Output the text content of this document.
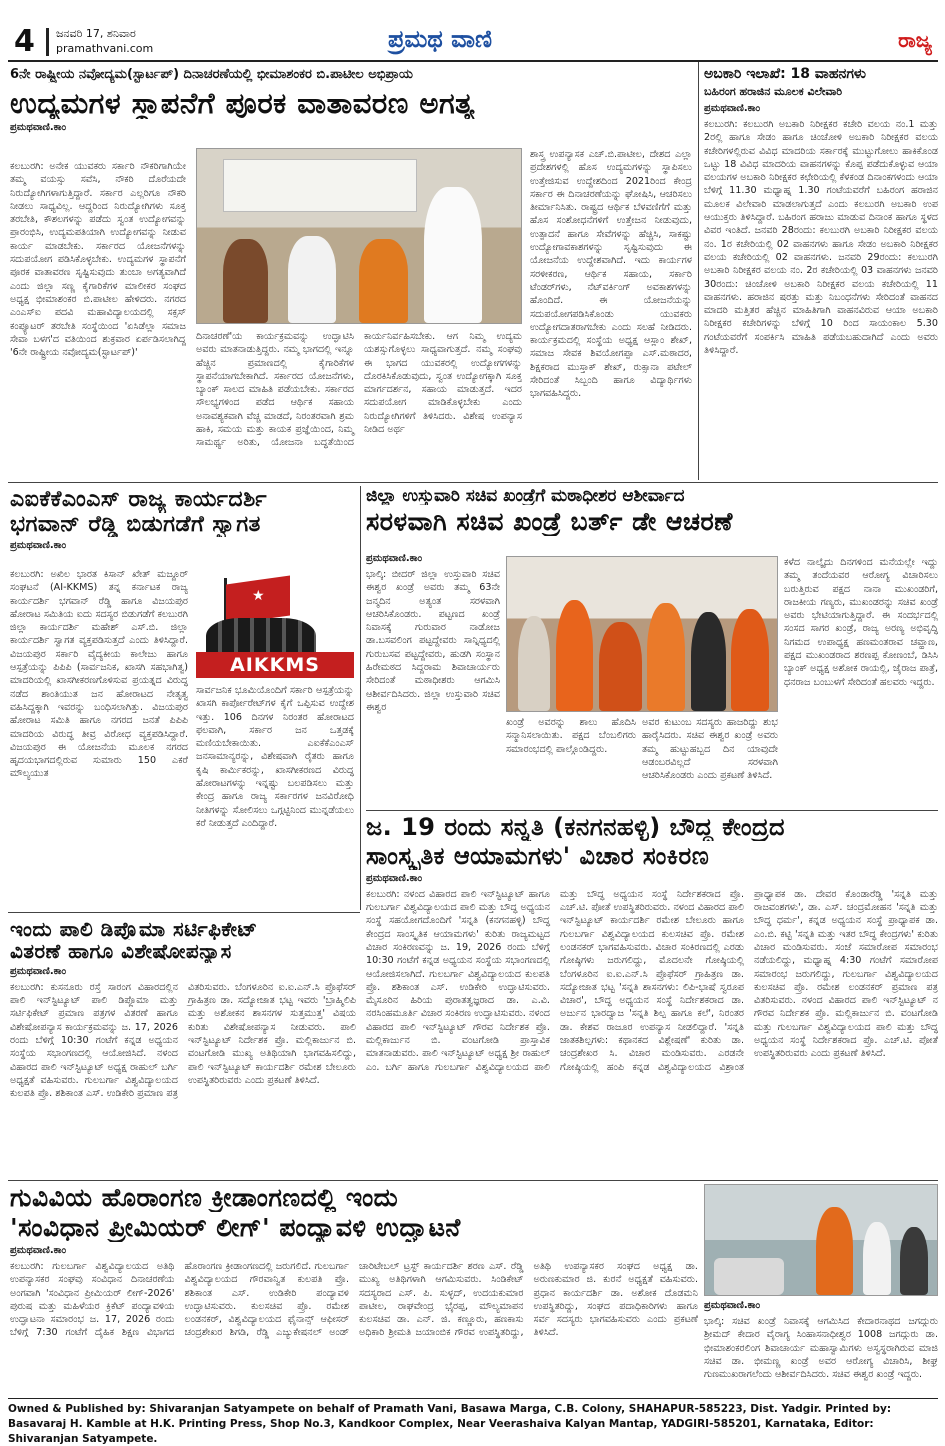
4 ಜನವರಿ 17, ಶನಿವಾರ
pramathvani.com	ಪ್ರಮಥ ವಾಣಿ	ರಾಜ್ಯ
6ನೇ ರಾಷ್ಟ್ರೀಯ ನವೋದ್ಯಮ(ಸ್ಟಾರ್ಟಪ್) ದಿನಾಚರಣೆಯಲ್ಲಿ ಭೀಮಾಶಂಕರ ಬಿ.ಪಾಟೀಲ ಅಭಿಪ್ರಾಯ
ಉದ್ಯಮಗಳ ಸ್ಥಾಪನೆಗೆ ಪೂರಕ ವಾತಾವರಣ ಅಗತ್ಯ
ಪ್ರಮಥವಾಣಿ.ಕಾಂ
ಕಲಬುರಗಿ: ಅನೇಕ ಯುವಕರು ಸರ್ಕಾರಿ ನೌಕರಿಗಾಗಿಯೇ ತಮ್ಮ ವಯಸ್ಸು ಸವೆಸಿ, ನೌಕರಿ ದೊರೆಯದೇ ನಿರುದ್ಯೋಗಿಗಳಾಗುತ್ತಿದ್ದಾರೆ. ಸರ್ಕಾರ ಎಲ್ಲರಿಗೂ ನೌಕರಿ ನೀಡಲು ಸಾಧ್ಯವಿಲ್ಲ. ಆದ್ದರಿಂದ ನಿರುದ್ಯೋಗಿಗಳು ಸೂಕ್ತ ತರಬೇತಿ, ಕೌಶಲಗಳನ್ನು ಪಡೆದು ಸ್ವಂತ ಉದ್ಯೋಗವನ್ನು ಪ್ರಾರಂಭಿಸಿ, ಉದ್ಯಮಪತಿಯಾಗಿ ಉದ್ಯೋಗವನ್ನು ನೀಡುವ ಕಾರ್ಯ ಮಾಡಬೇಕು. ಸರ್ಕಾರದ ಯೋಜನೆಗಳನ್ನು ಸದುಪಯೋಗ ಪಡಿಸಿಕೊಳ್ಳಬೇಕು. ಉದ್ಯಮಗಳ ಸ್ಥಾಪನೆಗೆ ಪೂರಕ ವಾತಾವರಣ ಸೃಷ್ಟಿಸುವುದು ತುಂಬಾ ಅಗತ್ಯವಾಗಿದೆ ಎಂದು ಜಿಲ್ಲಾ ಸಣ್ಣ ಕೈಗಾರಿಕೆಗಳ ಮಾಲೀಕರ ಸಂಘದ ಅಧ್ಯಕ್ಷ ಭೀಮಾಶಂಕರ ಬಿ.ಪಾಟೀಲ ಹೇಳಿದರು. ನಗರದ ಎಂಎಸ್ಐ ಪದವಿ ಮಹಾವಿದ್ಯಾಲಯದಲ್ಲಿ ಸಕ್ಸಸ್ ಕಂಪ್ಯೂಟರ್ ತರಬೇತಿ ಸಂಸ್ಥೆಯಿಂದ 'ಏಸಿಡೆಲ್ಲಾ ಸಮಾಜ ಸೇವಾ ಬಳಗ'ದ ವತಿಯಿಂದ ಶುಕ್ರವಾರ ಏರ್ಪಡಿಸಲಾಗಿದ್ದ '6ನೇ ರಾಷ್ಟ್ರೀಯ ನವೋದ್ಯಮ(ಸ್ಟಾರ್ಟಪ್)'
ದಿನಾಚರಣೆ'ಯ ಕಾರ್ಯಕ್ರಮವನ್ನು ಉದ್ಘಾಟಿಸಿ ಅವರು ಮಾತನಾಡುತ್ತಿದ್ದರು. ನಮ್ಮ ಭಾಗದಲ್ಲಿ ಇನ್ನೂ ಹೆಚ್ಚಿನ ಪ್ರಮಾಣದಲ್ಲಿ ಕೈಗಾರಿಕೆಗಳ ಸ್ಥಾಪನೆಯಾಗಬೇಕಾಗಿದೆ. ಸರ್ಕಾರದ ಯೋಜನೆಗಳು, ಬ್ಯಾಂಕ್ ಸಾಲದ ಮಾಹಿತಿ ಪಡೆಯಬೇಕು. ಸರ್ಕಾರದ ಸೌಲಭ್ಯಗಳಿಂದ ಪಡೆದ ಆರ್ಥಿಕ ಸಹಾಯ ಅನಾವಶ್ಯಕವಾಗಿ ವೆಚ್ಚ ಮಾಡದೆ, ನಿರಂತರವಾಗಿ ಶ್ರಮ ಹಾಕಿ, ಸಮಯ ಮತ್ತು ಕಾಯಕ ಪ್ರಜ್ಞೆಯಿಂದ, ನಿಮ್ಮ ಸಾಮರ್ಥ್ಯ ಅರಿತು, ಯೋಜನಾ ಬದ್ಧತೆಯಿಂದ ಕಾರ್ಯನಿರ್ವಹಿಸಬೇಕು. ಆಗ ನಿಮ್ಮ ಉದ್ಯಮ ಯಶಸ್ಸುಗೊಳ್ಳಲು ಸಾಧ್ಯವಾಗುತ್ತದೆ. ನಮ್ಮ ಸಂಘವು ಈ ಭಾಗದ ಯುವಕರಲ್ಲಿ ಉದ್ಯೋಗಗಳನ್ನು ದೊರಕಿಸಿಕೊಡುವುದು, ಸ್ವಂತ ಉದ್ಯೋಗಕ್ಕಾಗಿ ಸೂಕ್ತ ಮಾರ್ಗದರ್ಶನ, ಸಹಾಯ ಮಾಡುತ್ತದೆ. ಇದರ ಸದುಪಯೋಗ ಮಾಡಿಕೊಳ್ಳಬೇಕು ಎಂದು ನಿರುದ್ಯೋಗಿಗಳಿಗೆ ತಿಳಿಸಿದರು. ವಿಶೇಷ ಉಪನ್ಯಾಸ ನೀಡಿದ ಅರ್ಥ
ಶಾಸ್ತ್ರ ಉಪನ್ಯಾಸಕ ಎಚ್.ಬಿ.ಪಾಟೀಲ, ದೇಶದ ಎಲ್ಲಾ ಪ್ರದೇಶಗಳಲ್ಲಿ ಹೊಸ ಉದ್ಯಮಗಳನ್ನು ಸ್ಥಾಪಿಸಲು ಉತ್ತೇಜಿಸುವ ಉದ್ದೇಶದಿಂದ 2021ರಿಂದ ಕೇಂದ್ರ ಸರ್ಕಾರ ಈ ದಿನಾಚರಣೆಯನ್ನು ಘೋಷಿಸಿ, ಆಚರಿಸಲು ತೀರ್ಮಾನಿಸಿತು. ರಾಷ್ಟ್ರದ ಆರ್ಥಿಕ ಬೆಳವಣಿಗೆಗೆ ಮತ್ತು ಹೊಸ ಸಂಶೋಧನೆಗಳಿಗೆ ಉತ್ತೇಜನ ನೀಡುವುದು, ಉತ್ಪಾದನೆ ಹಾಗೂ ಸೇವೆಗಳನ್ನು ಹೆಚ್ಚಿಸಿ, ಸಾಕಷ್ಟು ಉದ್ಯೋಗಾವಕಾಶಗಳನ್ನು ಸೃಷ್ಟಿಸುವುದು ಈ ಯೋಜನೆಯ ಉದ್ದೇಶವಾಗಿದೆ. ಇದು ಕಾರ್ಯಗಳ ಸರಳೀಕರಣ, ಆರ್ಥಿಕ ಸಹಾಯ, ಸರ್ಕಾರಿ ಟೆಂಡರ್‌ಗಳು, ನೆಟ್‌ವರ್ಕಿಂಗ್ ಅವಕಾಶಗಳನ್ನು ಹೊಂದಿದೆ. ಈ ಯೋಜನೆಯನ್ನು ಸದುಪಯೋಗಪಡಿಸಿಕೊಂಡು ಯುವಕರು ಉದ್ಯೋಗದಾತರಾಗಬೇಕು ಎಂದು ಸಲಹೆ ನೀಡಿದರು. ಕಾರ್ಯಕ್ರಮದಲ್ಲಿ ಸಂಸ್ಥೆಯ ಅಧ್ಯಕ್ಷ ಆಸ್ಲಾಂ ಶೇಖ್, ಸಮಾಜ ಸೇವಕ ಶಿವಯೋಗಪ್ಪಾ ಎಸ್.ಮಠಾದರ, ಶಿಕ್ಷಕರಾದ ಮುಸ್ತಾಕ್ ಶೇಖ್, ರುಕ್ಸಾನಾ ಪಟೇಲ್ ಸೇರಿದಂತೆ ಸಿಬ್ಬಂದಿ ಹಾಗೂ ವಿದ್ಯಾರ್ಥಿಗಳು ಭಾಗವಹಿಸಿದ್ದರು.
ಅಬಕಾರಿ ಇಲಾಖೆ: 18 ವಾಹನಗಳು
ಬಹಿರಂಗ ಹರಾಜಿನ ಮೂಲಕ ವಿಲೇವಾರಿ
ಪ್ರಮಥವಾಣಿ.ಕಾಂ
ಕಲಬುರಗಿ: ಕಲಬುರಗಿ ಅಬಕಾರಿ ನಿರೀಕ್ಷಕರ ಕಚೇರಿ ವಲಯ ನಂ.1 ಮತ್ತು 2ರಲ್ಲಿ ಹಾಗೂ ಸೇಡಂ ಹಾಗೂ ಚಿಂಚೋಳಿ ಅಬಕಾರಿ ನಿರೀಕ್ಷಕರ ವಲಯ ಕಚೇರಿಗಳಲ್ಲಿರುವ ವಿವಿಧ ಮಾದರಿಯ ಸರ್ಕಾರಕ್ಕೆ ಮುಟ್ಟುಗೋಲು ಹಾಕಿಕೊಂಡ ಒಟ್ಟು 18 ವಿವಿಧ ಮಾದರಿಯ ವಾಹನಗಳನ್ನು ಕೊಪ್ಪ ಪಡೆದುಕೊಳ್ಳುವ ಆಯಾ ವಲಯಗಳ ಅಬಕಾರಿ ನಿರೀಕ್ಷಕರ ಕಛೇರಿಯಲ್ಲಿ ಕೆಳಕಂಡ ದಿನಾಂಕಗಳಂದು ಆಯಾ ಬೆಳಿಗ್ಗೆ 11.30 ಮಧ್ಯಾಹ್ನ 1.30 ಗಂಟೆಯವರೆಗೆ ಬಹಿರಂಗ ಹರಾಜಿನ ಮೂಲಕ ವಿಲೇವಾರಿ ಮಾಡಲಾಗುತ್ತದೆ ಎಂದು ಕಲಬುರಗಿ ಅಬಕಾರಿ ಉಪ ಆಯುಕ್ತರು ತಿಳಿಸಿದ್ದಾರೆ. ಬಹಿರಂಗ ಹರಾಜು ಮಾಡುವ ದಿನಾಂಕ ಹಾಗೂ ಸ್ಥಳದ ವಿವರ ಇಂತಿದೆ. ಜನವರಿ 28ರಂದು: ಕಲಬುರಗಿ ಅಬಕಾರಿ ನಿರೀಕ್ಷಕರ ವಲಯ ನಂ. 1ರ ಕಚೇರಿಯಲ್ಲಿ 02 ವಾಹನಗಳು ಹಾಗೂ ಸೇಡಂ ಅಬಕಾರಿ ನಿರೀಕ್ಷಕರ ವಲಯ ಕಚೇರಿಯಲ್ಲಿ 02 ವಾಹನಗಳು. ಜನವರಿ 29ರಂದು: ಕಲಬುರಗಿ ಅಬಕಾರಿ ನಿರೀಕ್ಷಕರ ವಲಯ ನಂ. 2ರ ಕಚೇರಿಯಲ್ಲಿ 03 ವಾಹನಗಳು ಜನವರಿ 30ರಂದು: ಚಿಂಚೋಳಿ ಅಬಕಾರಿ ನಿರೀಕ್ಷಕರ ವಲಯ ಕಚೇರಿಯಲ್ಲಿ 11 ವಾಹನಗಳು. ಹರಾಜಿನ ಷರತ್ತು ಮತ್ತು ನಿಬಂಧನೆಗಳು ಸೇರಿದಂತೆ ವಾಹನದ ಮಾದರಿ ಮತ್ತಿತರ ಹೆಚ್ಚಿನ ಮಾಹಿತಿಗಾಗಿ ವಾಹನವಿರುವ ಆಯಾ ಅಬಕಾರಿ ನಿರೀಕ್ಷಕರ ಕಚೇರಿಗಳನ್ನು ಬೆಳಿಗ್ಗೆ 10 ರಿಂದ ಸಾಯಂಕಾಲ 5.30 ಗಂಟೆಯವರೆಗೆ ಸಂಪರ್ಕಿಸಿ ಮಾಹಿತಿ ಪಡೆಯಬಹುದಾಗಿದೆ ಎಂದು ಅವರು ತಿಳಿಸಿದ್ದಾರೆ.
ಎಐಕೆಕೆಎಂಎಸ್ ರಾಜ್ಯ ಕಾರ್ಯದರ್ಶಿ
ಭಗವಾನ್ ರೆಡ್ಡಿ ಬಿಡುಗಡೆಗೆ ಸ್ವಾಗತ
ಪ್ರಮಥವಾಣಿ.ಕಾಂ
ಕಲಬುರಗಿ: ಅಖಿಲ ಭಾರತ ಕಿಸಾನ್ ಖೇತ್ ಮಜ್ದೂರ್ ಸಂಘಟನೆ (AI-KKMS) ತನ್ನ ಕರ್ನಾಟಕ ರಾಜ್ಯ ಕಾರ್ಯದರ್ಶಿ ಭಗವಾನ್ ರೆಡ್ಡಿ ಹಾಗೂ ವಿಜಯಪುರ ಹೋರಾಟ ಸಮಿತಿಯ ಐದು ಸದಸ್ಯರ ಬಿಡುಗಡೆಗೆ ಕಲಬುರಗಿ ಜಿಲ್ಲಾ ಕಾರ್ಯದರ್ಶಿ ಮಹೇಶ್ ಎಸ್.ಬಿ. ಜಿಲ್ಲಾ ಕಾರ್ಯದರ್ಶಿ ಸ್ವಾಗತ ವ್ಯಕ್ತಪಡಿಸುತ್ತದೆ ಎಂದು ತಿಳಿಸಿದ್ದಾರೆ. ವಿಜಯಪುರ ಸರ್ಕಾರಿ ವೈದ್ಯಕೀಯ ಕಾಲೇಜು ಹಾಗೂ ಆಸ್ಪತ್ರೆಯನ್ನು ಪಿಪಿಪಿ (ಸಾರ್ವಜನಿಕ, ಖಾಸಗಿ ಸಹಭಾಗಿತ್ವ) ಮಾದರಿಯಲ್ಲಿ ಖಾಸಗೀಕರಣಗೊಳಿಸುವ ಪ್ರಯತ್ನದ ವಿರುದ್ಧ ನಡೆದ ಶಾಂತಿಯುತ ಜನ ಹೋರಾಟದ ನೇತೃತ್ವ ವಹಿಸಿದ್ದಕ್ಕಾಗಿ ಇವರನ್ನು ಬಂಧಿಸಲಾಗಿತ್ತು. ವಿಜಯಪುರ ಹೋರಾಟ ಸಮಿತಿ ಹಾಗೂ ನಗರದ ಜನತೆ ಪಿಪಿಪಿ ಮಾದರಿಯ ವಿರುದ್ಧ ತೀವ್ರ ವಿರೋಧ ವ್ಯಕ್ತಪಡಿಸಿದ್ದಾರೆ. ವಿಜಯಪುರ ಈ ಯೋಜನೆಯ ಮೂಲಕ ನಗರದ ಹೃದಯಭಾಗದಲ್ಲಿರುವ ಸುಮಾರು 150 ಎಕರೆ ಮೌಲ್ಯಯುತ
★
AIKKMS
ಸಾರ್ವಜನಿಕ ಭೂಮಿಯೊಂದಿಗೆ ಸರ್ಕಾರಿ ಆಸ್ಪತ್ರೆಯನ್ನು ಖಾಸಗಿ ಕಾರ್ಪೋರೇಟ್‌ಗಳ ಕೈಗೆ ಒಪ್ಪಿಸುವ ಉದ್ದೇಶ ಇತ್ತು. 106 ದಿನಗಳ ನಿರಂತರ ಹೋರಾಟದ ಫಲವಾಗಿ, ಸರ್ಕಾರ ಜನ ಒತ್ತಡಕ್ಕೆ ಮಣಿಯಬೇಕಾಯಿತು. ಎಐಕೆಕೆಎಂಎಸ್ ಜನಸಾಮಾನ್ಯರನ್ನು, ವಿಶೇಷವಾಗಿ ರೈತರು ಹಾಗೂ ಕೃಷಿ ಕಾರ್ಮಿಕರನ್ನು, ಖಾಸಗೀಕರಣದ ವಿರುದ್ಧ ಹೋರಾಟಗಳನ್ನು ಇನ್ನಷ್ಟು ಬಲಪಡಿಸಲು ಮತ್ತು ಕೇಂದ್ರ ಹಾಗೂ ರಾಜ್ಯ ಸರ್ಕಾರಗಳ ಜನವಿರೋಧಿ ನೀತಿಗಳನ್ನು ಸೋಲಿಸಲು ಒಗ್ಗಟ್ಟಿನಿಂದ ಮುನ್ನಡೆಯಲು ಕರೆ ನೀಡುತ್ತದೆ ಎಂದಿದ್ದಾರೆ.
ಜಿಲ್ಲಾ ಉಸ್ತುವಾರಿ ಸಚಿವ ಖಂಡ್ರೆಗೆ ಮಠಾಧೀಶರ ಆಶೀರ್ವಾದ
ಸರಳವಾಗಿ ಸಚಿವ ಖಂಡ್ರೆ ಬರ್ತ್ ಡೇ ಆಚರಣೆ
ಪ್ರಮಥವಾಣಿ.ಕಾಂ
ಭಾಲ್ಕಿ: ಬೀದರ್ ಜಿಲ್ಲಾ ಉಸ್ತುವಾರಿ ಸಚಿವ ಈಶ್ವರ ಖಂಡ್ರೆ ಅವರು ತಮ್ಮ 63ನೇ ಜನ್ಮದಿನ ಅತ್ಯಂತ ಸರಳವಾಗಿ ಆಚರಿಸಿಕೊಂಡರು. ಪಟ್ಟಣದ ಖಂಡ್ರೆ ನಿವಾಸಕ್ಕೆ ಗುರುವಾರ ನಾಡೋಜ ಡಾ.ಬಸವಲಿಂಗ ಪಟ್ಟದ್ದೇವರು ಸಾನ್ನಿಧ್ಯದಲ್ಲಿ ಗುರುಬಸವ ಪಟ್ಟದ್ದೇವರು, ಹುಡಗಿ ಸಂಸ್ಥಾನ ಹಿರೇಮಠದ ಸಿದ್ದರಾಮ ಶಿವಾಚಾರ್ಯರು ಸೇರಿದಂತೆ ಮಠಾಧೀಶರು ಆಗಮಿಸಿ ಆಶೀರ್ವದಿಸಿದರು. ಜಿಲ್ಲಾ ಉಸ್ತುವಾರಿ ಸಚಿವ ಈಶ್ವರ
ಖಂಡ್ರೆ ಅವರನ್ನು ಶಾಲು ಹೊದಿಸಿ ಸನ್ಮಾನಿಸಲಾಯಿತು. ಪಕ್ಷದ ಬೆಂಬಲಿಗರು ಸಮಾರಂಭದಲ್ಲಿ ಪಾಲ್ಗೊಂಡಿದ್ದರು.
ಅವರ ಕುಟುಂಬ ಸದಸ್ಯರು ಹಾಜರಿದ್ದು ಶುಭ ಹಾರೈಸಿದರು. ಸಚಿವ ಈಶ್ವರ ಖಂಡ್ರೆ ಅವರು ತಮ್ಮ ಹುಟ್ಟುಹಬ್ಬದ ದಿನ ಯಾವುದೇ ಆಡಂಬರವಿಲ್ಲದೆ ಸರಳವಾಗಿ ಆಚರಿಸಿಕೊಂಡರು ಎಂದು ಪ್ರಕಟಣೆ ತಿಳಿಸಿದೆ.
ಕಳೆದ ನಾಲ್ಕೈದು ದಿನಗಳಿಂದ ಮನೆಯಲ್ಲೇ ಇದ್ದು ತಮ್ಮ ತಂದೆಯವರ ಆರೋಗ್ಯ ವಿಚಾರಿಸಲು ಬರುತ್ತಿರುವ ಪಕ್ಷದ ನಾನಾ ಮುಖಂಡರಿಗೆ, ರಾಜಕೀಯ ಗಣ್ಯರು, ಮುಖಂಡರನ್ನು ಸಚಿವ ಖಂಡ್ರೆ ಅವರು ಭೇಟಿಯಾಗುತ್ತಿದ್ದಾರೆ. ಈ ಸಂದರ್ಭದಲ್ಲಿ ಸಂಸದ ಸಾಗರ ಖಂಡ್ರೆ, ರಾಜ್ಯ ಅರಣ್ಯ ಅಭಿವೃದ್ಧಿ ನಿಗಮದ ಉಪಾಧ್ಯಕ್ಷ ಹಣಮಂತರಾವ ಚವ್ಹಾಣ, ಪಕ್ಷದ ಮುಖಂಡರಾದ ಶರಣಪ್ಪ ಕೋಣಂಬೆ, ಡಿಸಿಸಿ ಬ್ಯಾಂಕ್ ಅಧ್ಯಕ್ಷ ಅಶೋಕ ರಾಯಲ್ಲಿ, ಜೈರಾಜ ಪಾತ್ರೆ, ಧನರಾಜ ಬಂಬುಳಗೆ ಸೇರಿದಂತೆ ಹಲವರು ಇದ್ದರು.
ಜ. 19 ರಂದು ಸನ್ನತಿ (ಕನಗನಹಳ್ಳಿ) ಬೌದ್ಧ ಕೇಂದ್ರದ
ಸಾಂಸ್ಕೃತಿಕ ಆಯಾಮಗಳು' ವಿಚಾರ ಸಂಕಿರಣ
ಪ್ರಮಥವಾಣಿ.ಕಾಂ
ಕಲಬುರಗಿ: ನಳಂದ ವಿಹಾರದ ಪಾಲಿ ಇನ್‌ಸ್ಟಿಟ್ಯೂಟ್ ಹಾಗೂ ಗುಲಬರ್ಗಾ ವಿಶ್ವವಿದ್ಯಾಲಯದ ಪಾಲಿ ಮತ್ತು ಬೌದ್ಧ ಅಧ್ಯಯನ ಸಂಸ್ಥೆ ಸಹಯೋಗದೊಂದಿಗೆ 'ಸನ್ನತಿ (ಕನಗನಹಳ್ಳಿ) ಬೌದ್ಧ ಕೇಂದ್ರದ ಸಾಂಸ್ಕೃತಿಕ ಆಯಾಮಗಳು' ಕುರಿತು ರಾಜ್ಯಮಟ್ಟದ ವಿಚಾರ ಸಂಕಿರಣವನ್ನು ಜ. 19, 2026 ರಂದು ಬೆಳಿಗ್ಗೆ 10:30 ಗಂಟೆಗೆ ಕನ್ನಡ ಅಧ್ಯಯನ ಸಂಸ್ಥೆಯ ಸಭಾಂಗಣದಲ್ಲಿ ಆಯೋಜಿಸಲಾಗಿದೆ. ಗುಲಬರ್ಗಾ ವಿಶ್ವವಿದ್ಯಾಲಯದ ಕುಲಪತಿ ಪ್ರೊ. ಶಶಿಕಾಂತ ಎಸ್. ಉಡಿಕೇರಿ ಉದ್ಘಾಟಿಸುವರು. ಮೈಸೂರಿನ ಹಿರಿಯ ಪುರಾತತ್ವಜ್ಞರಾದ ಡಾ. ಎ.ವಿ. ನರಸಿಂಹಮೂರ್ತಿ ವಿಚಾರ ಸಂಕಿರಣ ಉದ್ಘಾಟಿಸುವರು. ನಳಂದ ವಿಹಾರದ ಪಾಲಿ ಇನ್‌ಸ್ಟಿಟ್ಯೂಟ್ ಗೌರವ ನಿರ್ದೇಶಕ ಪ್ರೊ. ಮಲ್ಲಿಕಾರ್ಜುನ ಬಿ. ವಂಟಗೋಡಿ ಪ್ರಾಸ್ತಾವಿಕ ಮಾತನಾಡುವರು. ಪಾಲಿ ಇನ್‌ಸ್ಟಿಟ್ಯೂಟ್ ಅಧ್ಯಕ್ಷ ಶ್ರೀ ರಾಹುಲ್ ಎಂ. ಬರ್ಗಿ ಹಾಗೂ ಗುಲಬರ್ಗಾ ವಿಶ್ವವಿದ್ಯಾಲಯದ ಪಾಲಿ ಮತ್ತು ಬೌದ್ಧ ಅಧ್ಯಯನ ಸಂಸ್ಥೆ ನಿರ್ದೇಶಕರಾದ ಪ್ರೊ. ಎಚ್.ಟಿ. ಪೋತೆ ಉಪಸ್ಥಿತರಿರುವರು. ನಳಂದ ವಿಹಾರದ ಪಾಲಿ ಇನ್‌ಸ್ಟಿಟ್ಯೂಟ್ ಕಾರ್ಯದರ್ಶಿ ರಮೇಶ ಬೇಲೂರು ಹಾಗೂ ಗುಲಬರ್ಗಾ ವಿಶ್ವವಿದ್ಯಾಲಯದ ಕುಲಸಚಿವ ಪ್ರೊ. ರಮೇಶ ಲಂಡನಕರ್ ಭಾಗವಹಿಸುವರು. ವಿಚಾರ ಸಂಕಿರಣದಲ್ಲಿ ಎರಡು ಗೋಷ್ಠಿಗಳು ಜರುಗಲಿದ್ದು, ಮೊದಲನೇ ಗೋಷ್ಠಿಯಲ್ಲಿ ಬೆಂಗಳೂರಿನ ಐ.ಐ.ಎನ್.ಸಿ ಪ್ರೊಫೆಸರ್ ಗ್ರಾಹಿತ್ರಣ ಡಾ. ಸದ್ಯೋಜಾತ ಭಟ್ಟ 'ಸನ್ನತಿ ಶಾಸನಗಳು: ಲಿಪಿ-ಭಾಷೆ ಸ್ವರೂಪ ವಿಚಾರ', ಬೌದ್ಧ ಅಧ್ಯಯನ ಸಂಸ್ಥೆ ನಿರ್ದೇಶಕರಾದ ಡಾ. ಅರ್ಜುನ ಭಾರದ್ವಾಜ 'ಸನ್ನತಿ ಶಿಲ್ಪ ಹಾಗೂ ಕಲೆ', ನಿರಂತರ ಡಾ. ಕೇಶವ ರಾಜೂರ ಉಪನ್ಯಾಸ ನೀಡಲಿದ್ದಾರೆ. 'ಸನ್ನತಿ ಜಾತಕಶಿಲ್ಪಗಳು: ಕಥಾನಕದ ವಿಶ್ಲೇಷಣೆ' ಕುರಿತು ಡಾ. ಚಂದ್ರಶೇಖರ ಸಿ. ವಿಚಾರ ಮಂಡಿಸುವರು. ಎರಡನೇ ಗೋಷ್ಠಿಯಲ್ಲಿ ಹಂಪಿ ಕನ್ನಡ ವಿಶ್ವವಿದ್ಯಾಲಯದ ವಿಶ್ರಾಂತ ಪ್ರಾಧ್ಯಾಪಕ ಡಾ. ದೇವರ ಕೊಂಡಾರೆಡ್ಡಿ 'ಸನ್ನತಿ ಮತ್ತು ರಾಜವಂಶಗಳು', ಡಾ. ಎಸ್. ಚಂದ್ರಮೋಹನ 'ಸನ್ನತಿ ಮತ್ತು ಬೌದ್ಧ ಧರ್ಮ', ಕನ್ನಡ ಅಧ್ಯಯನ ಸಂಸ್ಥೆ ಪ್ರಾಧ್ಯಾಪಕ ಡಾ. ಎಂ.ಬಿ. ಕಟ್ಟಿ 'ಸನ್ನತಿ ಮತ್ತು ಇತರ ಬೌದ್ಧ ಕೇಂದ್ರಗಳು' ಕುರಿತು ವಿಚಾರ ಮಂಡಿಸುವರು. ಸಂಜೆ ಸಮಾರೋಪ ಸಮಾರಂಭ ನಡೆಯಲಿದ್ದು, ಮಧ್ಯಾಹ್ನ 4:30 ಗಂಟೆಗೆ ಸಮಾರೋಪ ಸಮಾರಂಭ ಜರುಗಲಿದ್ದು, ಗುಲಬರ್ಗಾ ವಿಶ್ವವಿದ್ಯಾಲಯದ ಕುಲಸಚಿವ ಪ್ರೊ. ರಮೇಶ ಲಂಡನಕರ್ ಪ್ರಮಾಣ ಪತ್ರ ವಿತರಿಸುವರು. ನಳಂದ ವಿಹಾರದ ಪಾಲಿ ಇನ್‌ಸ್ಟಿಟ್ಯೂಟ್ ನ ಗೌರವ ನಿರ್ದೇಶಕ ಪ್ರೊ. ಮಲ್ಲಿಕಾರ್ಜುನ ಬಿ. ವಂಟಗೋಡಿ ಮತ್ತು ಗುಲಬರ್ಗಾ ವಿಶ್ವವಿದ್ಯಾಲಯದ ಪಾಲಿ ಮತ್ತು ಬೌದ್ಧ ಅಧ್ಯಯನ ಸಂಸ್ಥೆ ನಿರ್ದೇಶಕರಾದ ಪ್ರೊ. ಎಚ್.ಟಿ. ಪೋತೆ ಉಪಸ್ಥಿತರಿರುವರು ಎಂದು ಪ್ರಕಟಣೆ ತಿಳಿಸಿದೆ.
ಇಂದು ಪಾಲಿ ಡಿಪ್ಲೊಮಾ ಸರ್ಟಿಫಿಕೇಟ್
ವಿತರಣೆ ಹಾಗೂ ವಿಶೇಷೋಪನ್ಯಾಸ
ಪ್ರಮಥವಾಣಿ.ಕಾಂ
ಕಲಬುರಗಿ: ಕುಸನೂರು ರಸ್ತೆ ಸಾರಂಗ ವಿಹಾರದಲ್ಲಿನ ಪಾಲಿ ಇನ್‌ಸ್ಟಿಟ್ಯೂಟ್ ಪಾಲಿ ಡಿಪ್ಲೊಮಾ ಮತ್ತು ಸರ್ಟಿಫಿಕೇಟ್ ಪ್ರಮಾಣ ಪತ್ರಗಳ ವಿತರಣೆ ಹಾಗೂ ವಿಶೇಷೋಪನ್ಯಾಸ ಕಾರ್ಯಕ್ರಮವನ್ನು ಜ. 17, 2026 ರಂದು ಬೆಳಿಗ್ಗೆ 10:30 ಗಂಟೆಗೆ ಕನ್ನಡ ಅಧ್ಯಯನ ಸಂಸ್ಥೆಯ ಸಭಾಂಗಣದಲ್ಲಿ ಆಯೋಜಿಸಿದೆ. ನಳಂದ ವಿಹಾರದ ಪಾಲಿ ಇನ್‌ಸ್ಟಿಟ್ಯೂಟ್ ಅಧ್ಯಕ್ಷ ರಾಹುಲ್ ಬರ್ಗಿ ಅಧ್ಯಕ್ಷತೆ ವಹಿಸುವರು. ಗುಲಬರ್ಗಾ ವಿಶ್ವವಿದ್ಯಾಲಯದ ಕುಲಪತಿ ಪ್ರೊ. ಶಶಿಕಾಂತ ಎಸ್. ಉಡಿಕೇರಿ ಪ್ರಮಾಣ ಪತ್ರ ವಿತರಿಸುವರು. ಬೆಂಗಳೂರಿನ ಐ.ಐ.ಎನ್.ಸಿ ಪ್ರೊಫೆಸರ್ ಗ್ರಾಹಿತ್ರಣ ಡಾ. ಸದ್ಯೋಜಾತ ಭಟ್ಟ ಇವರು 'ಬ್ರಾಹ್ಮಿಲಿಪಿ ಮತ್ತು ಅಶೋಕನ ಶಾಸನಗಳ ಸುತ್ತಮುತ್ತ' ವಿಷಯ ಕುರಿತು ವಿಶೇಷೋಪನ್ಯಾಸ ನೀಡುವರು. ಪಾಲಿ ಇನ್‌ಸ್ಟಿಟ್ಯೂಟ್ ನಿರ್ದೇಶಕ ಪ್ರೊ. ಮಲ್ಲಿಕಾರ್ಜುನ ಬಿ. ವಂಟಗೋಡಿ ಮುಖ್ಯ ಅತಿಥಿಯಾಗಿ ಭಾಗವಹಿಸಲಿದ್ದು, ಪಾಲಿ ಇನ್‌ಸ್ಟಿಟ್ಯೂಟ್ ಕಾರ್ಯದರ್ಶಿ ರಮೇಶ ಬೇಲೂರು ಉಪಸ್ಥಿತರಿರುವರು ಎಂದು ಪ್ರಕಟಣೆ ತಿಳಿಸಿದೆ.
ಗುವಿವಿಯ ಹೊರಾಂಗಣ ಕ್ರೀಡಾಂಗಣದಲ್ಲಿ ಇಂದು
'ಸಂವಿಧಾನ ಪ್ರೀಮಿಯರ್ ಲೀಗ್' ಪಂದ್ಯಾವಳಿ ಉದ್ಘಾಟನೆ
ಪ್ರಮಥವಾಣಿ.ಕಾಂ
ಕಲಬುರಗಿ: ಗುಲಬರ್ಗಾ ವಿಶ್ವವಿದ್ಯಾಲಯದ ಅತಿಥಿ ಉಪನ್ಯಾಸಕರ ಸಂಘವು ಸಂವಿಧಾನ ದಿನಾಚರಣೆಯ ಅಂಗವಾಗಿ 'ಸಂವಿಧಾನ ಪ್ರೀಮಿಯರ್ ಲೀಗ್-2026' ಪುರುಷ ಮತ್ತು ಮಹಿಳೆಯರ ಕ್ರಿಕೆಟ್ ಪಂದ್ಯಾವಳಿಯ ಉದ್ಘಾಟನಾ ಸಮಾರಂಭ ಜ. 17, 2026 ರಂದು ಬೆಳಿಗ್ಗೆ 7:30 ಗಂಟೆಗೆ ದೈಹಿಕ ಶಿಕ್ಷಣ ವಿಭಾಗದ ಹೊರಾಂಗಣ ಕ್ರೀಡಾಂಗಣದಲ್ಲಿ ಜರುಗಲಿದೆ. ಗುಲಬರ್ಗಾ ವಿಶ್ವವಿದ್ಯಾಲಯದ ಗೌರವಾನ್ವಿತ ಕುಲಪತಿ ಪ್ರೊ. ಶಶಿಕಾಂತ ಎಸ್. ಉಡಿಕೇರಿ ಪಂದ್ಯಾವಳಿ ಉದ್ಘಾಟಿಸುವರು. ಕುಲಸಚಿವ ಪ್ರೊ. ರಮೇಶ ಲಂಡನಕರ್, ವಿಶ್ವವಿದ್ಯಾಲಯದ ಫೈನಾನ್ಸ್ ಆಫೀಸರ್ ಚಂದ್ರಶೇಖರ ಶಿಗಡಿ, ರೆಡ್ಡಿ ಎಜ್ಯುಕೇಷನಲ್ ಅಂಡ್ ಚಾರಿಟೇಬಲ್ ಟ್ರಸ್ಟ್ ಕಾರ್ಯದರ್ಶಿ ಶರಣ ಎಸ್. ರೆಡ್ಡಿ ಮುಖ್ಯ ಅತಿಥಿಗಳಾಗಿ ಆಗಮಿಸುವರು. ಸಿಂಡಿಕೇಟ್ ಸದಸ್ಯರಾದ ಎಸ್. ಪಿ. ಸುಳ್ಳದ್, ಉದಯಕುಮಾರ ಪಾಟೀಲ, ರಾಘವೇಂದ್ರ ಭೈರಪ್ಪ, ಮೌಲ್ಯಮಾಪನ ಕುಲಸಚಿವ ಡಾ. ಎನ್. ಜಿ. ಕಣ್ಣೂರು, ಹಣಕಾಸು ಅಧಿಕಾರಿ ಶ್ರೀಮತಿ ಜಯಾಂಬಿಕ ಗೌರವ ಉಪಸ್ಥಿತರಿದ್ದು, ಅತಿಥಿ ಉಪನ್ಯಾಸಕರ ಸಂಘದ ಅಧ್ಯಕ್ಷ ಡಾ. ಅರುಣಕುಮಾರ ಜಿ. ಕುರನೆ ಅಧ್ಯಕ್ಷತೆ ವಹಿಸುವರು. ಪ್ರಧಾನ ಕಾರ್ಯದರ್ಶಿ ಡಾ. ಅಶೋಕ ದೊಡಮನಿ ಉಪಸ್ಥಿತರಿದ್ದು, ಸಂಘದ ಪದಾಧಿಕಾರಿಗಳು ಹಾಗೂ ಸರ್ವ ಸದಸ್ಯರು ಭಾಗವಹಿಸುವರು ಎಂದು ಪ್ರಕಟಣೆ ತಿಳಿಸಿದೆ.
ಪ್ರಮಥವಾಣಿ.ಕಾಂ
ಭಾಲ್ಕಿ: ಸಚಿವ ಖಂಡ್ರೆ ನಿವಾಸಕ್ಕೆ ಆಗಮಿಸಿದ ಕೇದಾರನಾಥದ ಜಗದ್ಗುರು ಶ್ರೀಮದ್ ಕೇದಾರ ವೈರಾಗ್ಯ ಸಿಂಹಾಸನಾಧೀಶ್ವರ 1008 ಜಗದ್ಗುರು ಡಾ. ಭೀಮಾಶಂಕರಲಿಂಗ ಶಿವಾಚಾರ್ಯ ಮಹಾಸ್ವಾಮಿಗಳು ಅಸ್ವಸ್ಥರಾಗಿರುವ ಮಾಜಿ ಸಚಿವ ಡಾ. ಭೀಮಣ್ಣ ಖಂಡ್ರೆ ಅವರ ಆರೋಗ್ಯ ವಿಚಾರಿಸಿ, ಶೀಘ್ರ ಗುಣಮುಖರಾಗಲೆಂದು ಆಶೀರ್ವದಿಸಿದರು. ಸಚಿವ ಈಶ್ವರ ಖಂಡ್ರೆ ಇದ್ದರು.
Owned & Published by: Shivaranjan Satyampete on behalf of Pramath Vani, Basawa Marga, C.B. Colony, SHAHAPUR-585223, Dist. Yadgir. Printed by: Basavaraj H. Kamble at H.K. Printing Press, Shop No.3, Kandkoor Complex, Near Veerashaiva Kalyan Mantap, YADGIRI-585201, Karnataka, Editor: Shivaranjan Satyampete.
